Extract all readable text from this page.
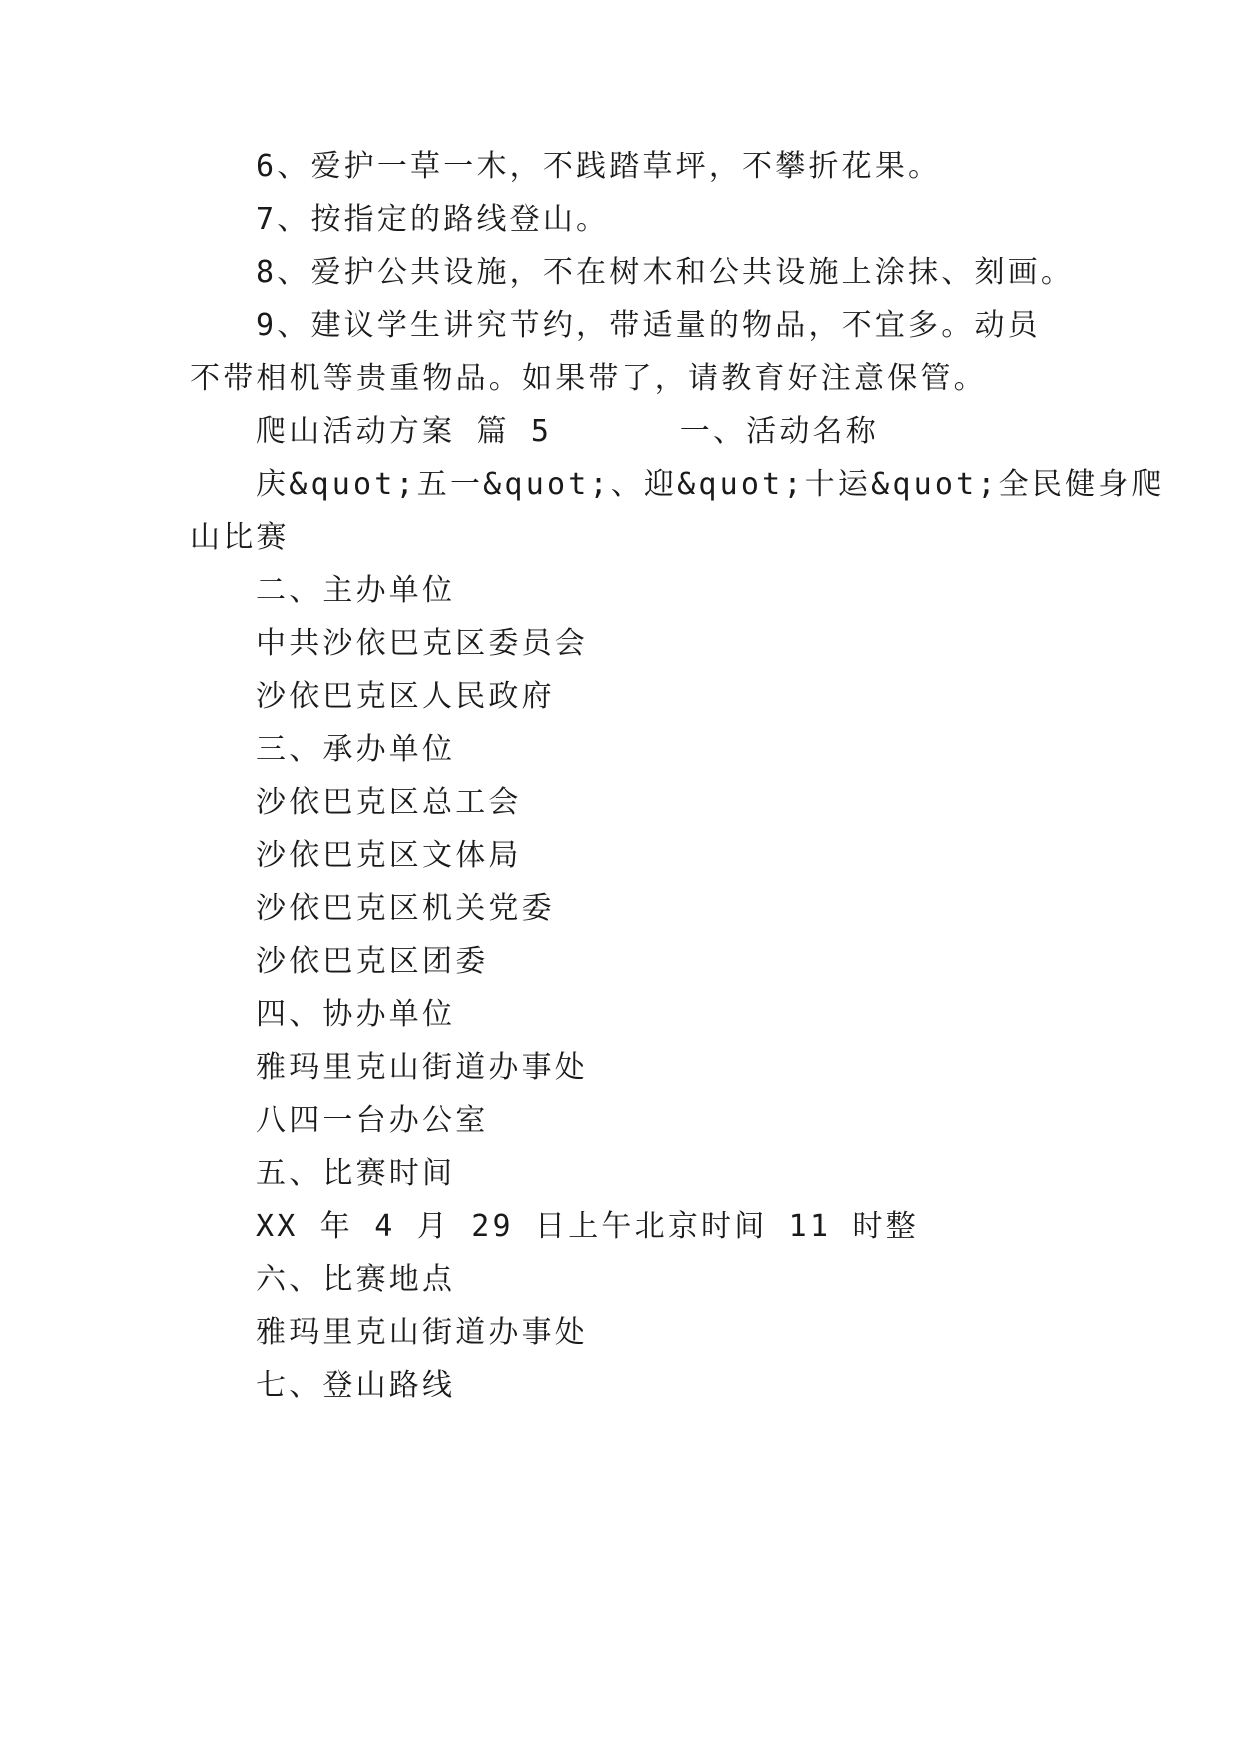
6、爱护一草一木，不践踏草坪，不攀折花果。
7、按指定的路线登山。
8、爱护公共设施，不在树木和公共设施上涂抹、刻画。
9、建议学生讲究节约，带适量的物品，不宜多。动员
不带相机等贵重物品。如果带了，请教育好注意保管。
爬山活动方案 篇 5      一、活动名称
庆&quot;五一&quot;、迎&quot;十运&quot;全民健身爬
山比赛
二、主办单位
中共沙依巴克区委员会
沙依巴克区人民政府
三、承办单位
沙依巴克区总工会
沙依巴克区文体局
沙依巴克区机关党委
沙依巴克区团委
四、协办单位
雅玛里克山街道办事处
八四一台办公室
五、比赛时间
XX 年 4 月 29 日上午北京时间 11 时整
六、比赛地点
雅玛里克山街道办事处
七、登山路线
